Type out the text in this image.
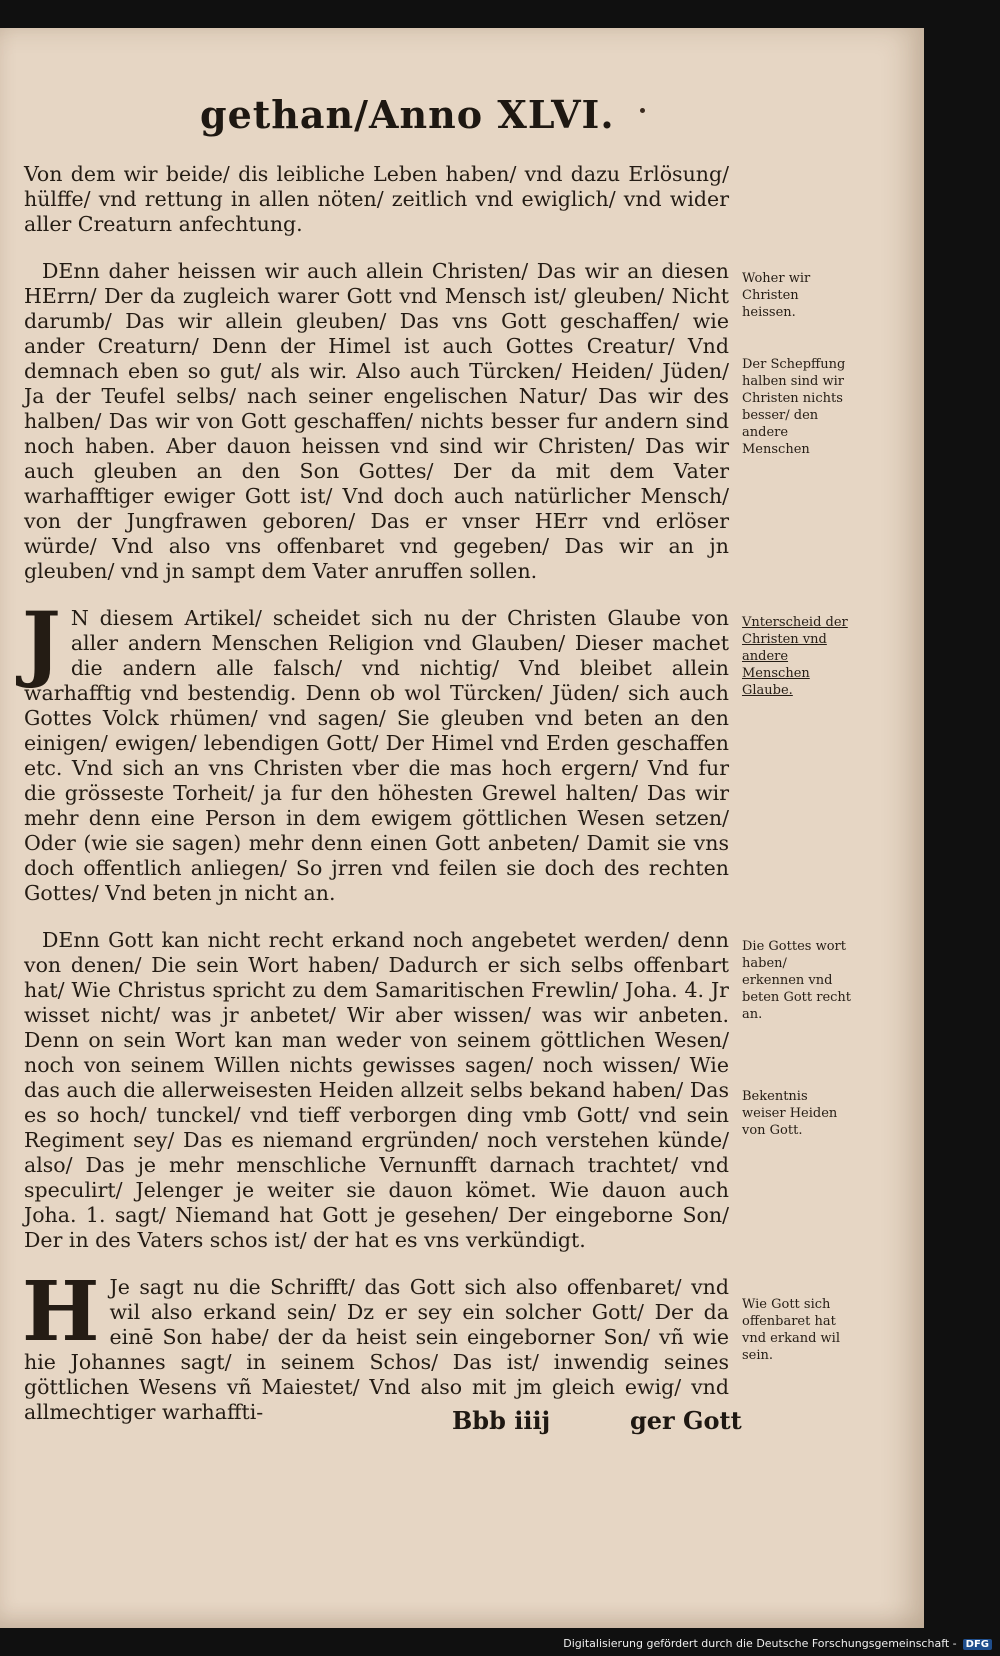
gethan/Anno XLVI.

Von dem wir beide/ dis leibliche Leben haben/ vnd dazu Erlösung/ hülffe/ vnd rettung in allen nöten/ zeitlich vnd ewiglich/ vnd wider aller Creaturn anfechtung.

DEnn daher heissen wir auch allein Christen/ Das wir an diesen HErrn/ Der da zugleich warer Gott vnd Mensch ist/ gleuben/ Nicht darumb/ Das wir allein gleuben/ Das vns Gott geschaffen/ wie ander Creaturn/ Denn der Himel ist auch Gottes Creatur/ Vnd demnach eben so gut/ als wir. Also auch Türcken/ Heiden/ Jüden/ Ja der Teufel selbs/ nach seiner engelischen Natur/ Das wir des halben/ Das wir von Gott geschaffen/ nichts besser fur andern sind noch haben. Aber dauon heissen vnd sind wir Christen/ Das wir auch gleuben an den Son Gottes/ Der da mit dem Vater warhafftiger ewiger Gott ist/ Vnd doch auch natürlicher Mensch/ von der Jungfrawen geboren/ Das er vnser HErr vnd erlöser würde/ Vnd also vns offenbaret vnd gegeben/ Das wir an jn gleuben/ vnd jn sampt dem Vater anruffen sollen.

J N diesem Artikel/ scheidet sich nu der Christen Glaube von aller andern Menschen Religion vnd Glauben/ Dieser machet die andern alle falsch/ vnd nichtig/ Vnd bleibet allein warhafftig vnd bestendig. Denn ob wol Türcken/ Jüden/ sich auch Gottes Volck rhümen/ vnd sagen/ Sie gleuben vnd beten an den einigen/ ewigen/ lebendigen Gott/ Der Himel vnd Erden geschaffen etc. Vnd sich an vns Christen vber die mas hoch ergern/ Vnd fur die grösseste Torheit/ ja fur den höhesten Grewel halten/ Das wir mehr denn eine Person in dem ewigem göttlichen Wesen setzen/ Oder (wie sie sagen) mehr denn einen Gott anbeten/ Damit sie vns doch offentlich anliegen/ So jrren vnd feilen sie doch des rechten Gottes/ Vnd beten jn nicht an.

DEnn Gott kan nicht recht erkand noch angebetet werden/ denn von denen/ Die sein Wort haben/ Dadurch er sich selbs offenbart hat/ Wie Christus spricht zu dem Samaritischen Frewlin/ Joha. 4. Jr wisset nicht/ was jr anbetet/ Wir aber wissen/ was wir anbeten. Denn on sein Wort kan man weder von seinem göttlichen Wesen/ noch von seinem Willen nichts gewisses sagen/ noch wissen/ Wie das auch die allerweisesten Heiden allzeit selbs bekand haben/ Das es so hoch/ tunckel/ vnd tieff verborgen ding vmb Gott/ vnd sein Regiment sey/ Das es niemand ergründen/ noch verstehen künde/ also/ Das je mehr menschliche Vernunfft darnach trachtet/ vnd speculirt/ Jelenger je weiter sie dauon kömet. Wie dauon auch Joha. 1. sagt/ Niemand hat Gott je gesehen/ Der eingeborne Son/ Der in des Vaters schos ist/ der hat es vns verkündigt.

H Je sagt nu die Schrifft/ das Gott sich also offenbaret/ vnd wil also erkand sein/ Dz er sey ein solcher Gott/ Der da einē Son habe/ der da heist sein eingeborner Son/ vñ wie hie Johannes sagt/ in seinem Schos/ Das ist/ inwendig seines göttlichen Wesens vñ Maiestet/ Vnd also mit jm gleich ewig/ vnd allmechtiger warhaffti-

Woher wir Christen heissen.
Der Schepffung halben sind wir Christen nichts besser/ den andere Menschen
Vnterscheid der Christen vnd andere Menschen Glaube.
Die Gottes wort haben/ erkennen vnd beten Gott recht an.
Bekentnis weiser Heiden von Gott.
Wie Gott sich offenbaret hat vnd erkand wil sein.
Bbb iiij	ger Gott
Digitalisierung gefördert durch die Deutsche Forschungsgemeinschaft - DFG
